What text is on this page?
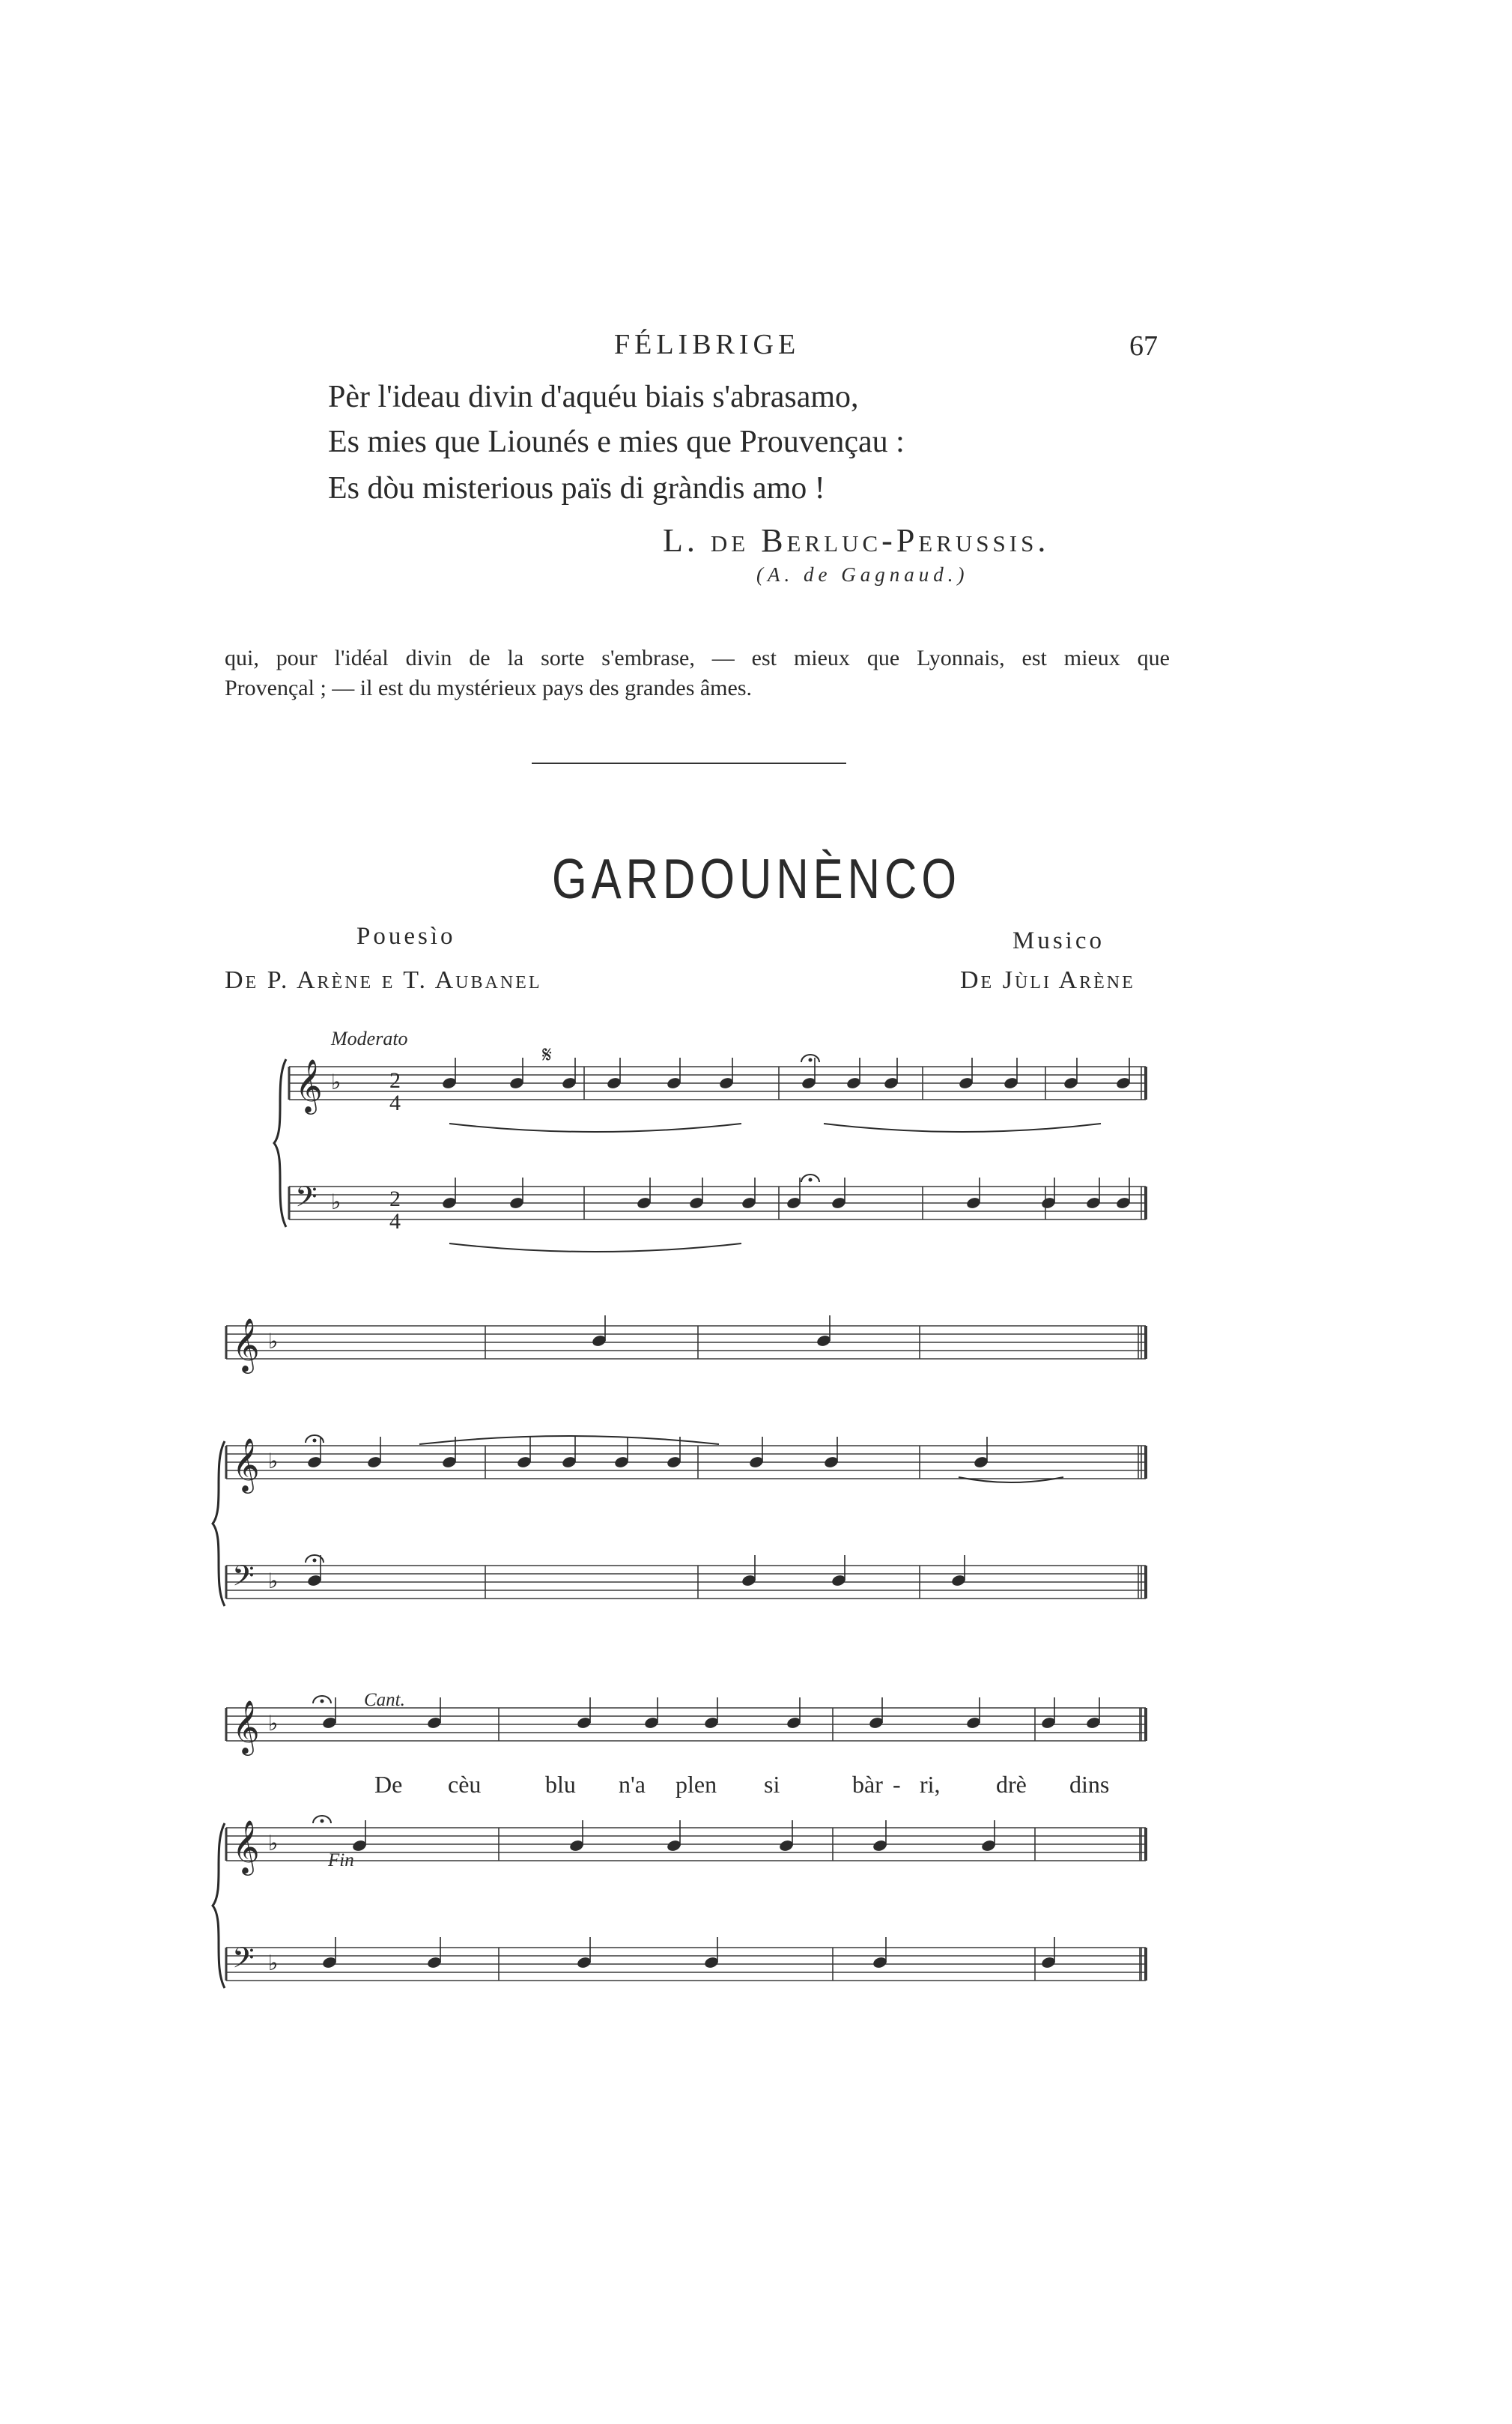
FÉLIBRIGE	67
Pèr l'ideau divin d'aquéu biais s'abrasamo,
Es mies que Liounés e mies que Prouvençau :
Es dòu misterious païs di gràndis amo !
L. de Berluc-Perussis.
(A. de Gagnaud.)
qui, pour l'idéal divin de la sorte s'embrase, — est mieux que Lyonnais, est mieux que
Provençal ; — il est du mystérieux pays des grandes âmes.
GARDOUNÈNCO
Pouesìo
De P. Arène e T. Aubanel
Musico
De Jùli Arène
Moderato
Cant.
Fin
De cèu	blu n'a plen si	bàr - ri, drè dins
𝄞 ♭
𝄢 ♭
𝄞 ♭
𝄞 ♭
𝄢 ♭
𝄞 ♭
𝄞 ♭
𝄢 ♭
𝄋
2
4
2
4
